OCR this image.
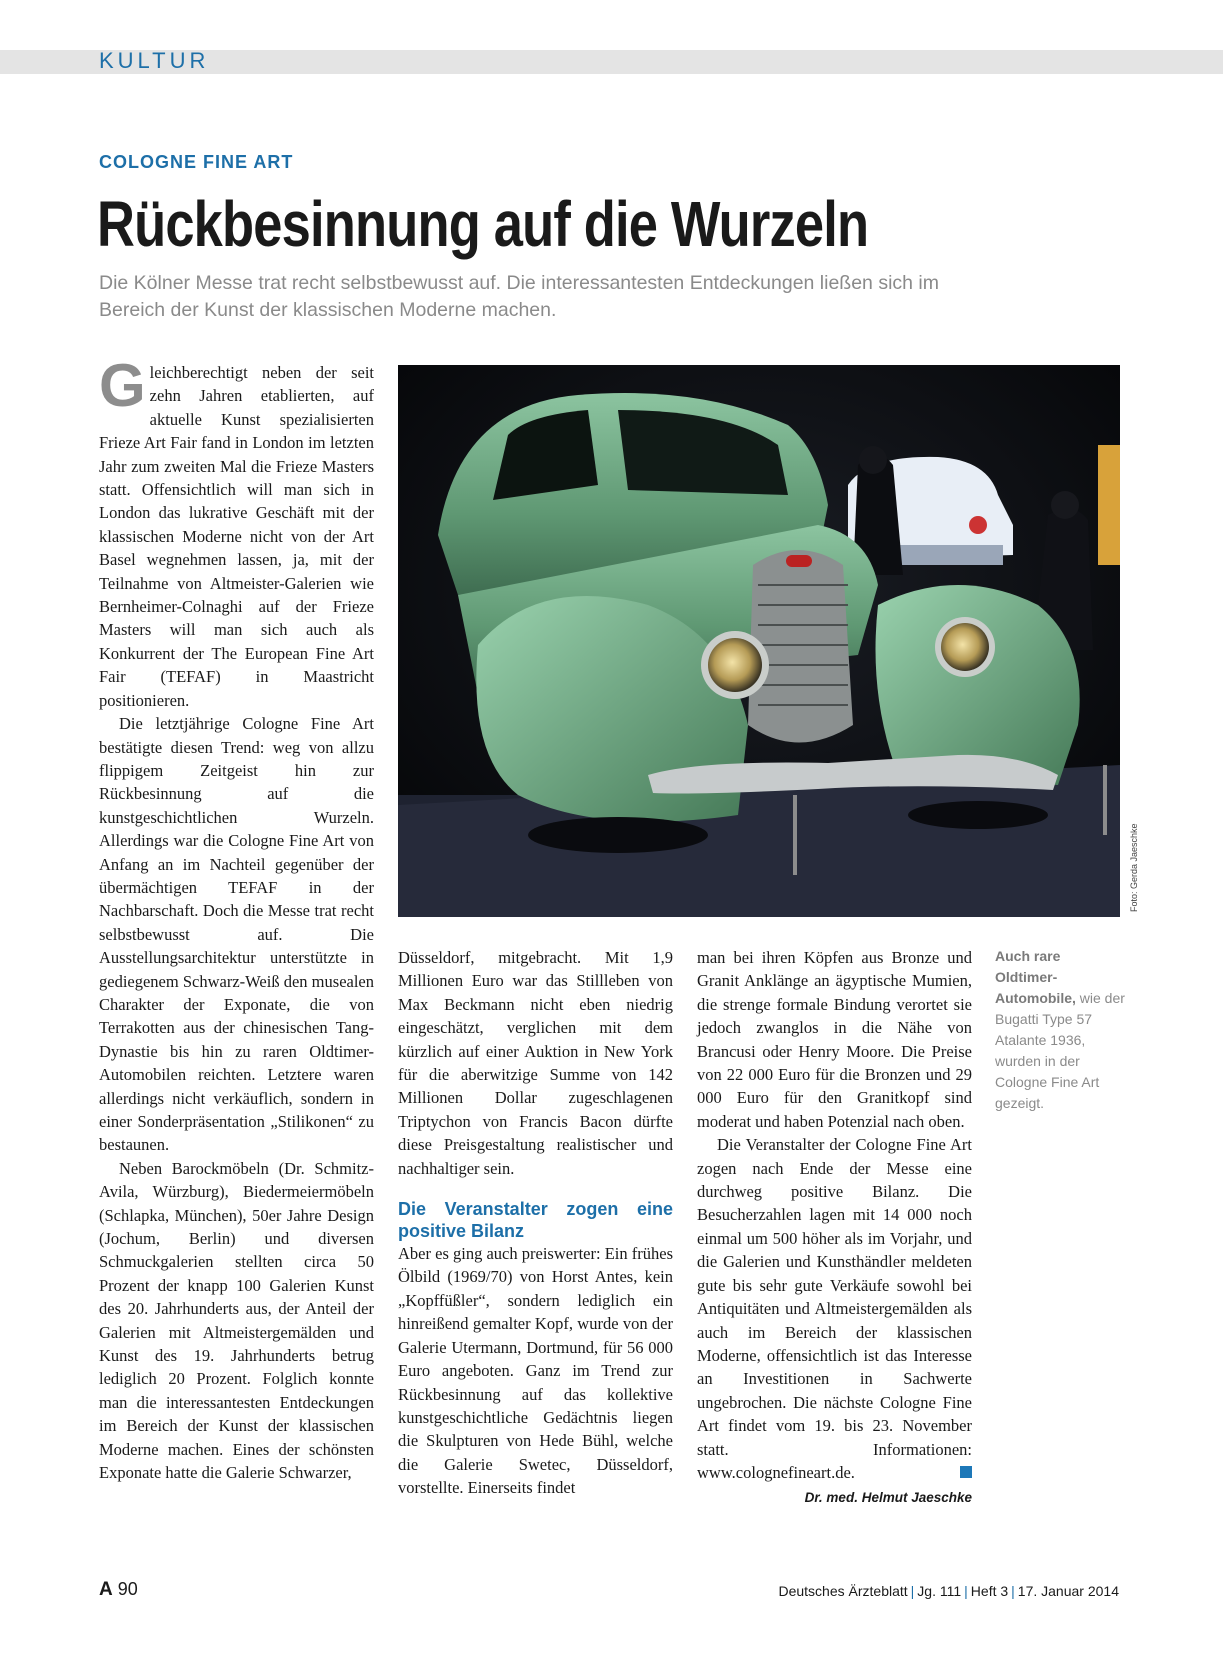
KULTUR
COLOGNE FINE ART
Rückbesinnung auf die Wurzeln
Die Kölner Messe trat recht selbstbewusst auf. Die interessantesten Entdeckungen ließen sich im Bereich der Kunst der klassischen Moderne machen.

Gleichberechtigt neben der seit zehn Jahren etablierten, auf aktuelle Kunst spezialisierten Frieze Art Fair fand in London im letzten Jahr zum zweiten Mal die Frieze Masters statt. Offensichtlich will man sich in London das lukrative Geschäft mit der klassischen Moderne nicht von der Art Basel wegnehmen lassen, ja, mit der Teilnahme von Altmeister-Galerien wie Bernheimer-Colnaghi auf der Frieze Masters will man sich auch als Konkurrent der The European Fine Art Fair (TEFAF) in Maastricht positionieren.

Die letztjährige Cologne Fine Art bestätigte diesen Trend: weg von allzu flippigem Zeitgeist hin zur Rückbesinnung auf die kunstgeschichtlichen Wurzeln. Allerdings war die Cologne Fine Art von Anfang an im Nachteil gegenüber der übermächtigen TEFAF in der Nachbarschaft. Doch die Messe trat recht selbstbewusst auf. Die Ausstellungsarchitektur unterstützte in gediegenem Schwarz-Weiß den musealen Charakter der Exponate, die von Terrakotten aus der chinesischen Tang-Dynastie bis hin zu raren Oldtimer-Automobilen reichten. Letztere waren allerdings nicht verkäuflich, sondern in einer Sonderpräsentation „Stilikonen“ zu bestaunen.

Neben Barockmöbeln (Dr. Schmitz-Avila, Würzburg), Biedermeiermöbeln (Schlapka, München), 50er Jahre Design (Jochum, Berlin) und diversen Schmuckgalerien stellten circa 50 Prozent der knapp 100 Galerien Kunst des 20. Jahrhunderts aus, der Anteil der Galerien mit Altmeistergemälden und Kunst des 19. Jahrhunderts betrug lediglich 20 Prozent. Folglich konnte man die interessantesten Entdeckungen im Bereich der Kunst der klassischen Moderne machen. Eines der schönsten Exponate hatte die Galerie Schwarzer,

Foto: Gerda Jaeschke
Auch rare Oldtimer-Automobile, wie der Bugatti Type 57 Atalante 1936, wurden in der Cologne Fine Art gezeigt.

Düsseldorf, mitgebracht. Mit 1,9 Millionen Euro war das Stillleben von Max Beckmann nicht eben niedrig eingeschätzt, verglichen mit dem kürzlich auf einer Auktion in New York für die aberwitzige Summe von 142 Millionen Dollar zugeschlagenen Triptychon von Francis Bacon dürfte diese Preisgestaltung realistischer und nachhaltiger sein.

Die Veranstalter zogen eine positive Bilanz

Aber es ging auch preiswerter: Ein frühes Ölbild (1969/70) von Horst Antes, kein „Kopffüßler“, sondern lediglich ein hinreißend gemalter Kopf, wurde von der Galerie Utermann, Dortmund, für 56 000 Euro angeboten. Ganz im Trend zur Rückbesinnung auf das kollektive kunstgeschichtliche Gedächtnis liegen die Skulpturen von Hede Bühl, welche die Galerie Swetec, Düsseldorf, vorstellte. Einerseits findet

man bei ihren Köpfen aus Bronze und Granit Anklänge an ägyptische Mumien, die strenge formale Bindung verortet sie jedoch zwanglos in die Nähe von Brancusi oder Henry Moore. Die Preise von 22 000 Euro für die Bronzen und 29 000 Euro für den Granitkopf sind moderat und haben Potenzial nach oben.

Die Veranstalter der Cologne Fine Art zogen nach Ende der Messe eine durchweg positive Bilanz. Die Besucherzahlen lagen mit 14 000 noch einmal um 500 höher als im Vorjahr, und die Galerien und Kunsthändler meldeten gute bis sehr gute Verkäufe sowohl bei Antiquitäten und Altmeistergemälden als auch im Bereich der klassischen Moderne, offensichtlich ist das Interesse an Investitionen in Sachwerte ungebrochen. Die nächste Cologne Fine Art findet vom 19. bis 23. November statt. Informationen: www.colognefineart.de.

Dr. med. Helmut Jaeschke
A 90	Deutsches Ärzteblatt | Jg. 111 | Heft 3 | 17. Januar 2014
